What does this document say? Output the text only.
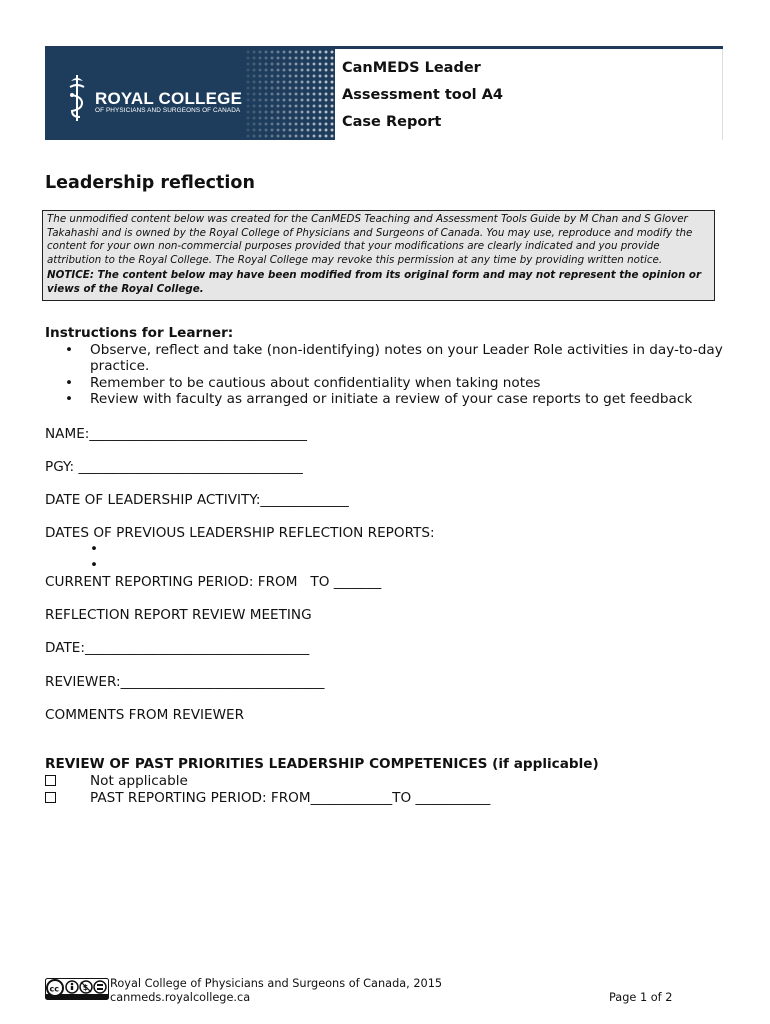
ROYAL COLLEGE
OF PHYSICIANS AND SURGEONS OF CANADA
CanMEDS Leader
Assessment tool A4
Case Report
Leadership reflection

The unmodified content below was created for the CanMEDS Teaching and Assessment Tools Guide by M Chan and S Glover Takahashi and is owned by the Royal College of Physicians and Surgeons of Canada. You may use, reproduce and modify the content for your own non-commercial purposes provided that your modifications are clearly indicated and you provide attribution to the Royal College. The Royal College may revoke this permission at any time by providing written notice.

NOTICE: The content below may have been modified from its original form and may not represent the opinion or views of the Royal College.

Instructions for Learner:
• Observe, reflect and take (non-identifying) notes on your Leader Role activities in day-to-day practice.
• Remember to be cautious about confidentiality when taking notes
• Review with faculty as arranged or initiate a review of your case reports to get feedback
NAME:________________________________
PGY: _________________________________
DATE OF LEADERSHIP ACTIVITY:_____________
DATES OF PREVIOUS LEADERSHIP REFLECTION REPORTS:
•
•
CURRENT REPORTING PERIOD: FROM   TO _______
REFLECTION REPORT REVIEW MEETING
DATE:_________________________________
REVIEWER:______________________________
COMMENTS FROM REVIEWER
REVIEW OF PAST PRIORITIES LEADERSHIP COMPETENICES (if applicable)
Not applicable
PAST REPORTING PERIOD: FROM____________TO ___________
cc	$ Royal College of Physicians and Surgeons of Canada, 2015
canmeds.royalcollege.ca	Page 1 of 2
